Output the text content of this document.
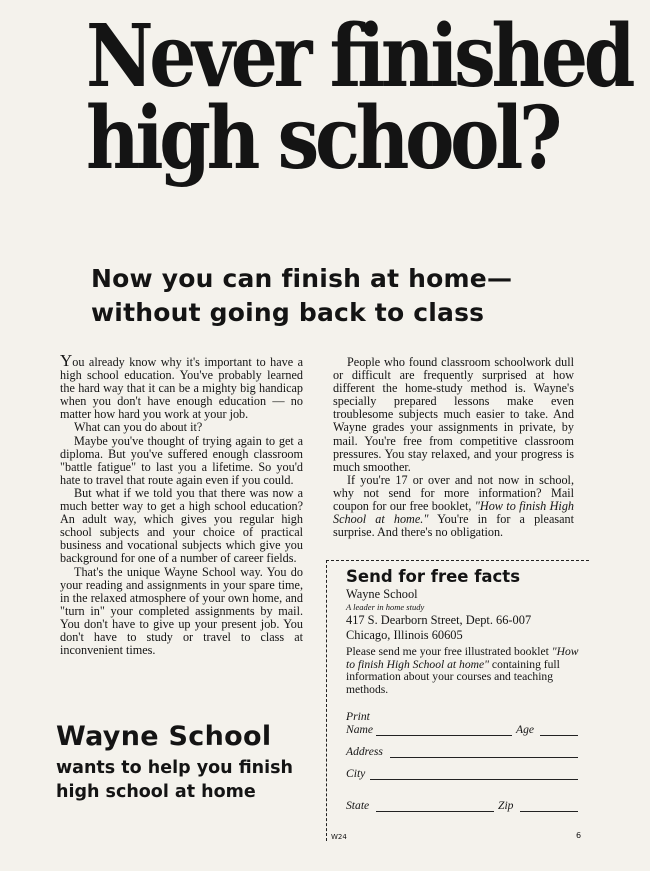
Never finished
high school?
Now you can finish at home—
without going back to class

You already know why it's important to have a high school education. You've probably learned the hard way that it can be a mighty big handicap when you don't have enough education — no matter how hard you work at your job.

What can you do about it?

Maybe you've thought of trying again to get a diploma. But you've suffered enough classroom "battle fatigue" to last you a lifetime. So you'd hate to travel that route again even if you could.

But what if we told you that there was now a much better way to get a high school education? An adult way, which gives you regular high school subjects and your choice of practical business and vocational subjects which give you background for one of a number of career fields.

That's the unique Wayne School way. You do your reading and assignments in your spare time, in the relaxed atmosphere of your own home, and "turn in" your completed assignments by mail. You don't have to give up your present job. You don't have to study or travel to class at inconvenient times.

People who found classroom schoolwork dull or difficult are frequently surprised at how different the home-study method is. Wayne's specially prepared lessons make even troublesome subjects much easier to take. And Wayne grades your assignments in private, by mail. You're free from competitive classroom pressures. You stay relaxed, and your progress is much smoother.

If you're 17 or over and not now in school, why not send for more information? Mail coupon for our free booklet, "How to finish High School at home." You're in for a pleasant surprise. And there's no obligation.

Wayne School
wants to help you finish
high school at home
Send for free facts
Wayne School
A leader in home study
417 S. Dearborn Street, Dept. 66-007
Chicago, Illinois 60605
Please send me your free illustrated booklet "How to finish High School at home" containing full information about your courses and teaching methods.
Print
Name	Age
Address
City
State	Zip
W24	6
